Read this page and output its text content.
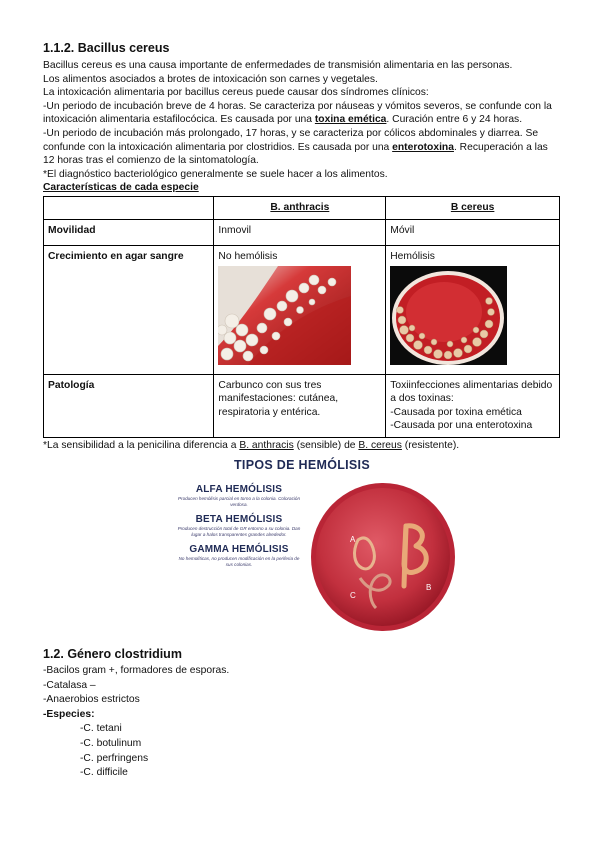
1.1.2. Bacillus cereus

Bacillus cereus es una causa importante de enfermedades de transmisión alimentaria en las personas.

Los alimentos asociados a brotes de intoxicación son carnes y vegetales.

La intoxicación alimentaria por bacillus cereus puede causar dos síndromes clínicos:

-Un periodo de incubación breve de 4 horas. Se caracteriza por náuseas y vómitos severos, se confunde con la intoxicación alimentaria estafilocócica. Es causada por una toxina emética. Curación entre 6 y 24 horas.

-Un periodo de incubación más prolongado, 17 horas, y se caracteriza por cólicos abdominales y diarrea. Se confunde con la intoxicación alimentaria por clostridios. Es causada por una enterotoxina. Recuperación a las 12 horas tras el comienzo de la sintomatología.

*El diagnóstico bacteriológico generalmente se suele hacer a los alimentos.

Características de cada especie

	B. anthracis	B cereus
Movilidad	Inmovil	Móvil
Crecimiento en agar sangre	No hemólisis	Hemólisis

Patología	Carbunco con sus tres manifestaciones: cutánea, respiratoria y entérica.	Toxiinfecciones alimentarias debido a dos toxinas:
-Causada por toxina emética
-Causada por una enterotoxina

*La sensibilidad a la penicilina diferencia a B. anthracis (sensible) de B. cereus (resistente).

TIPOS DE HEMÓLISIS
ALFA HEMÓLISIS
Producen hemólisis parcial en torno a la colonia. Coloración verdosa.
BETA HEMÓLISIS
Producen destrucción total de GR entorno a su colonia. Dan lugar a halos transparentes grandes alrededor.
GAMMA HEMÓLISIS
No hemolíticas, no producen modificación en la periferia de sus colonias.
A
C
B
1.2. Género clostridium

-Bacilos gram +, formadores de esporas.

-Catalasa –

-Anaerobios estrictos

-Especies:

-C. tetani

-C. botulinum

-C. perfringens

-C. difficile
